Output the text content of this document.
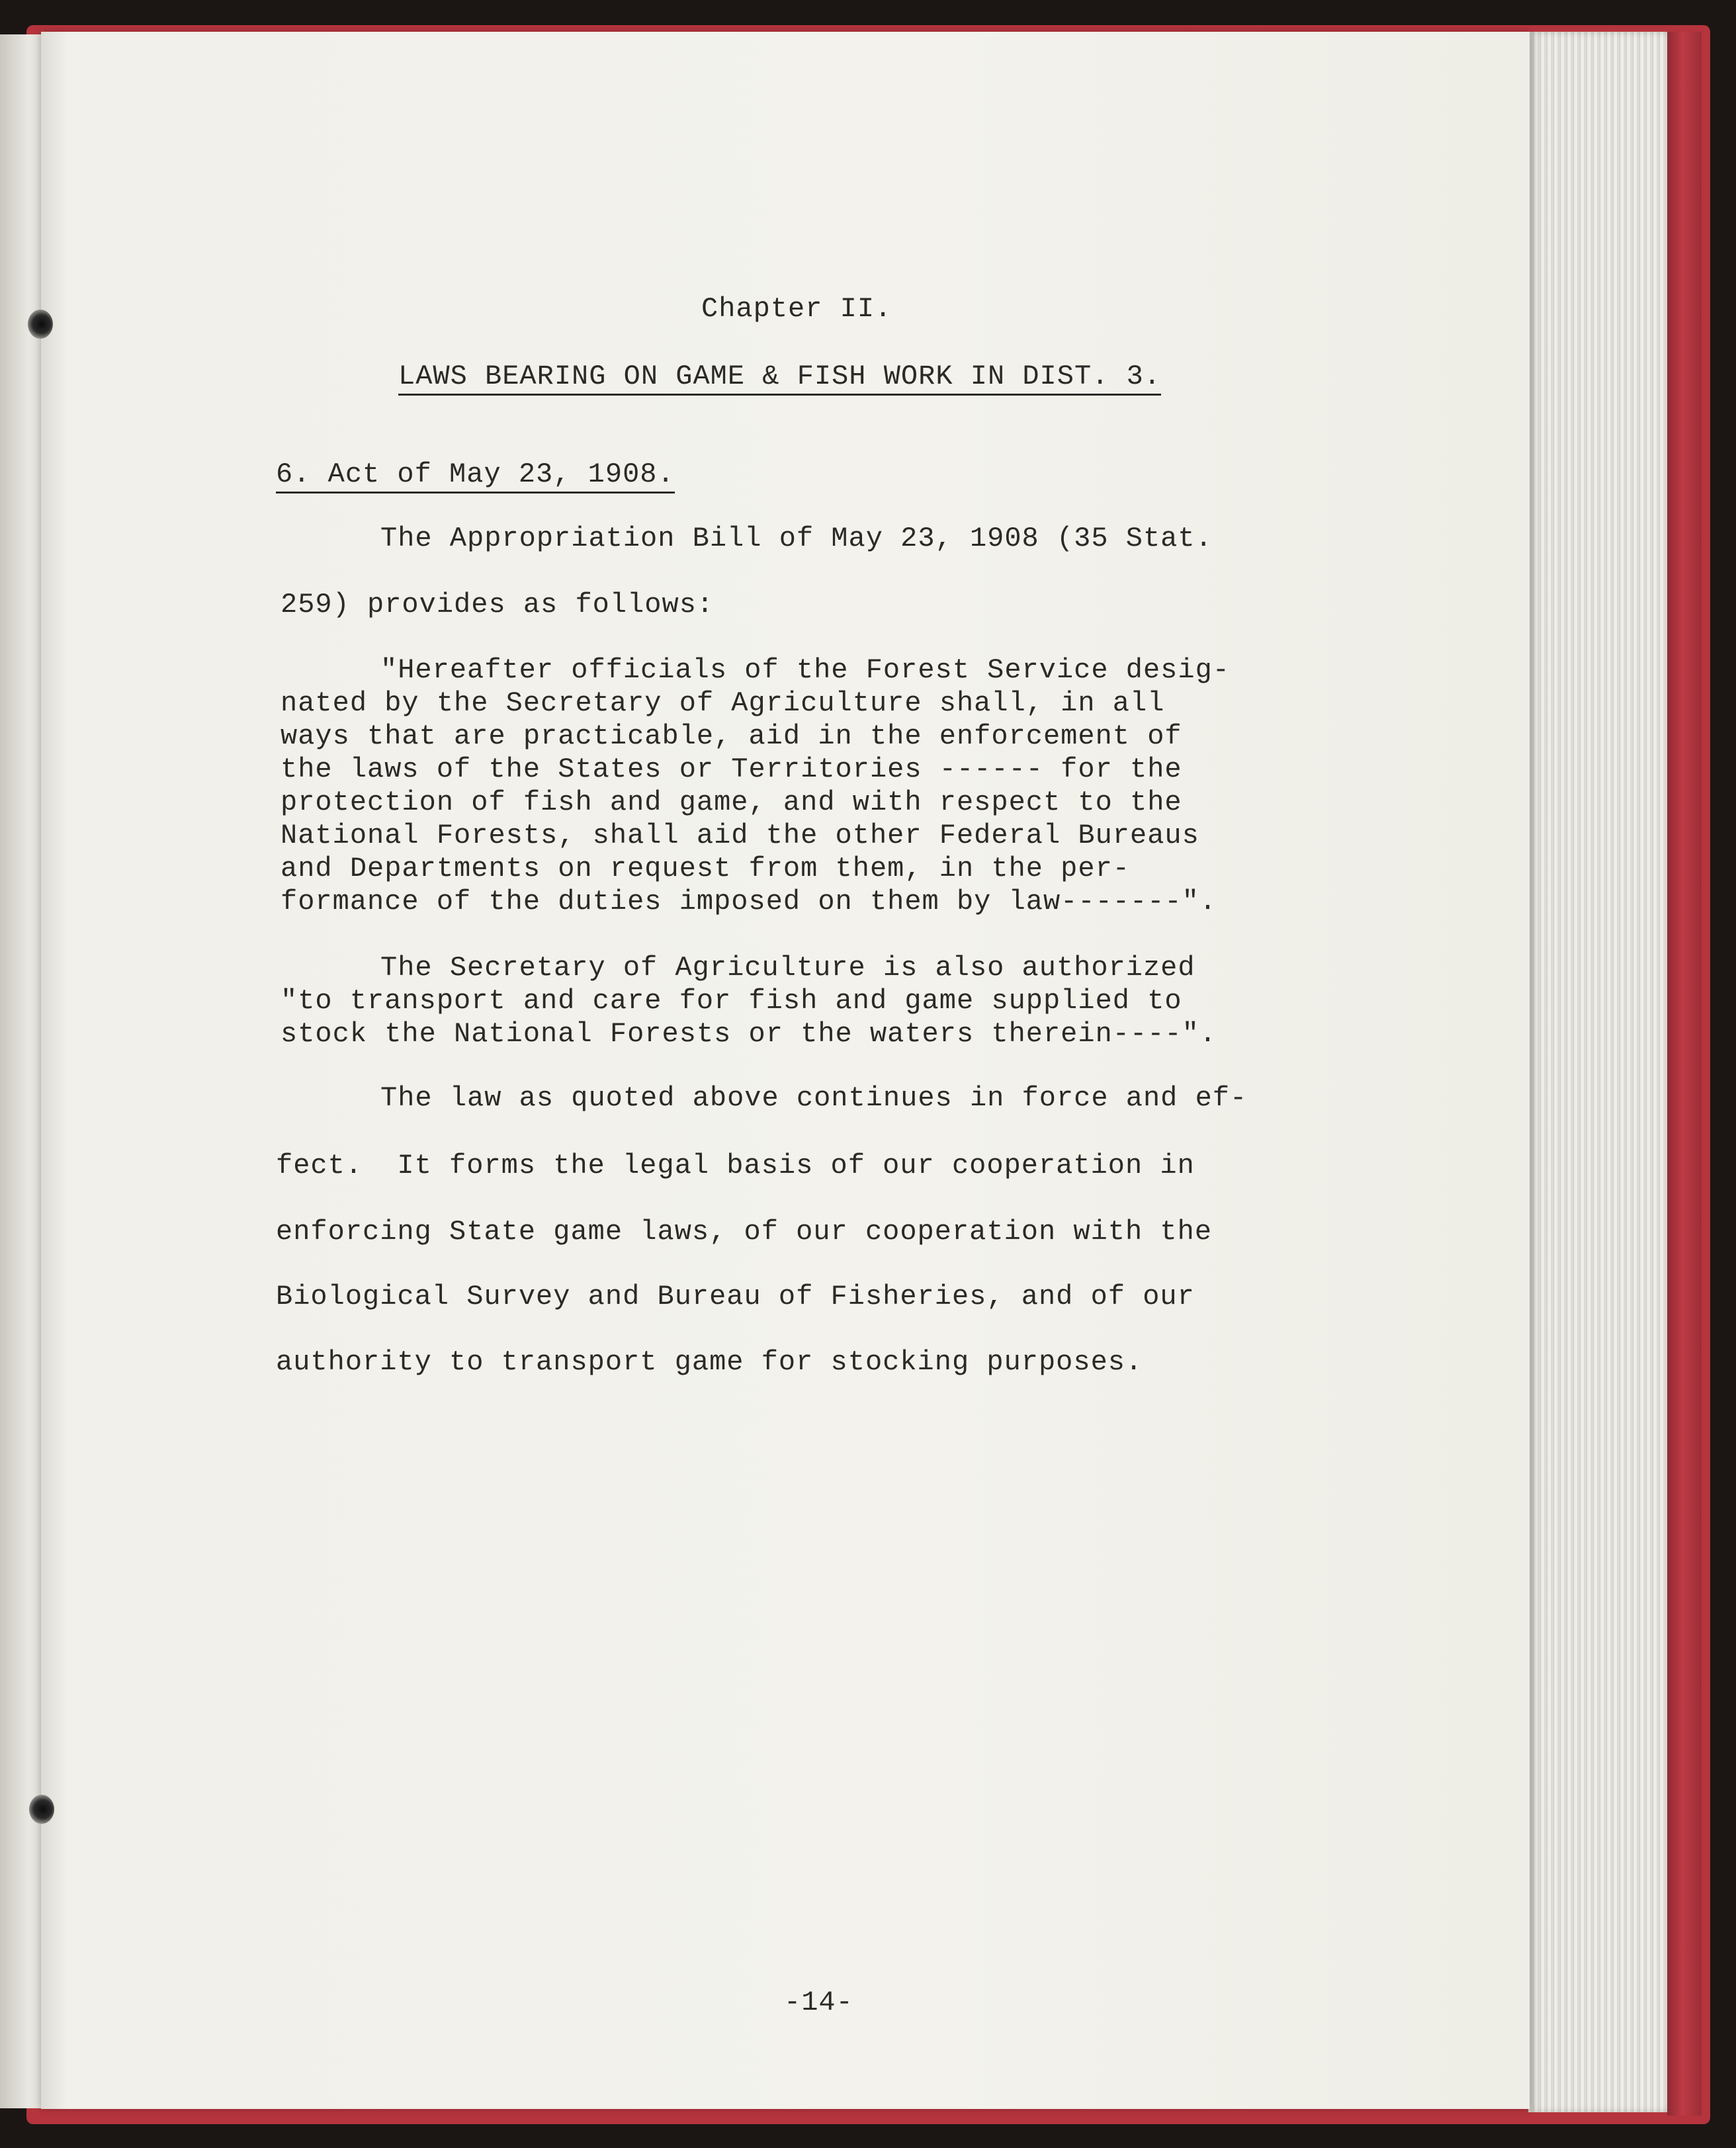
Chapter II.
LAWS BEARING ON GAME & FISH WORK IN DIST. 3.
6. Act of May 23, 1908.
The Appropriation Bill of May 23, 1908 (35 Stat.
259) provides as follows:
"Hereafter officials of the Forest Service desig-
nated by the Secretary of Agriculture shall, in all
ways that are practicable, aid in the enforcement of
the laws of the States or Territories ------ for the
protection of fish and game, and with respect to the
National Forests, shall aid the other Federal Bureaus
and Departments on request from them, in the per-
formance of the duties imposed on them by law-------".
The Secretary of Agriculture is also authorized
"to transport and care for fish and game supplied to
stock the National Forests or the waters therein----".
The law as quoted above continues in force and ef-
fect.  It forms the legal basis of our cooperation in
enforcing State game laws, of our cooperation with the
Biological Survey and Bureau of Fisheries, and of our
authority to transport game for stocking purposes.
-14-
